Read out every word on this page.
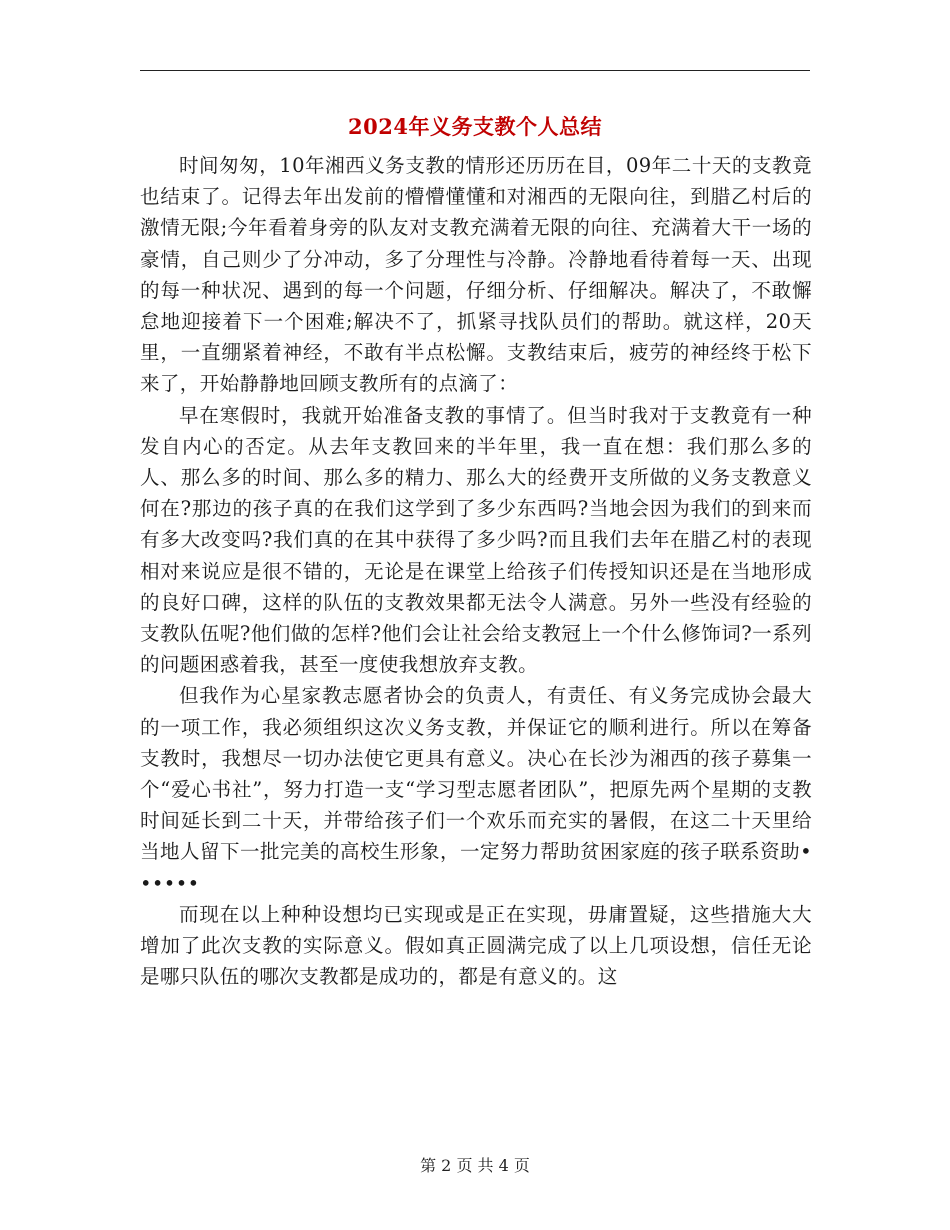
2024年义务支教个人总结

时间匆匆，10年湘西义务支教的情形还历历在目，09年二十天的支教竟也结束了。记得去年出发前的懵懵懂懂和对湘西的无限向往，到腊乙村后的激情无限;今年看着身旁的队友对支教充满着无限的向往、充满着大干一场的豪情，自己则少了分冲动，多了分理性与冷静。冷静地看待着每一天、出现的每一种状况、遇到的每一个问题，仔细分析、仔细解决。解决了，不敢懈怠地迎接着下一个困难;解决不了，抓紧寻找队员们的帮助。就这样，20天里，一直绷紧着神经，不敢有半点松懈。支教结束后，疲劳的神经终于松下来了，开始静静地回顾支教所有的点滴了：

早在寒假时，我就开始准备支教的事情了。但当时我对于支教竟有一种发自内心的否定。从去年支教回来的半年里，我一直在想：我们那么多的人、那么多的时间、那么多的精力、那么大的经费开支所做的义务支教意义何在?那边的孩子真的在我们这学到了多少东西吗?当地会因为我们的到来而有多大改变吗?我们真的在其中获得了多少吗?而且我们去年在腊乙村的表现相对来说应是很不错的，无论是在课堂上给孩子们传授知识还是在当地形成的良好口碑，这样的队伍的支教效果都无法令人满意。另外一些没有经验的支教队伍呢?他们做的怎样?他们会让社会给支教冠上一个什么修饰词?一系列的问题困惑着我，甚至一度使我想放弃支教。

但我作为心星家教志愿者协会的负责人，有责任、有义务完成协会最大的一项工作，我必须组织这次义务支教，并保证它的顺利进行。所以在筹备支教时，我想尽一切办法使它更具有意义。决心在长沙为湘西的孩子募集一个“爱心书社”，努力打造一支“学习型志愿者团队”，把原先两个星期的支教时间延长到二十天，并带给孩子们一个欢乐而充实的暑假，在这二十天里给当地人留下一批完美的高校生形象，一定努力帮助贫困家庭的孩子联系资助••••••

而现在以上种种设想均已实现或是正在实现，毋庸置疑，这些措施大大增加了此次支教的实际意义。假如真正圆满完成了以上几项设想，信任无论是哪只队伍的哪次支教都是成功的，都是有意义的。这

第 2 页 共 4 页
